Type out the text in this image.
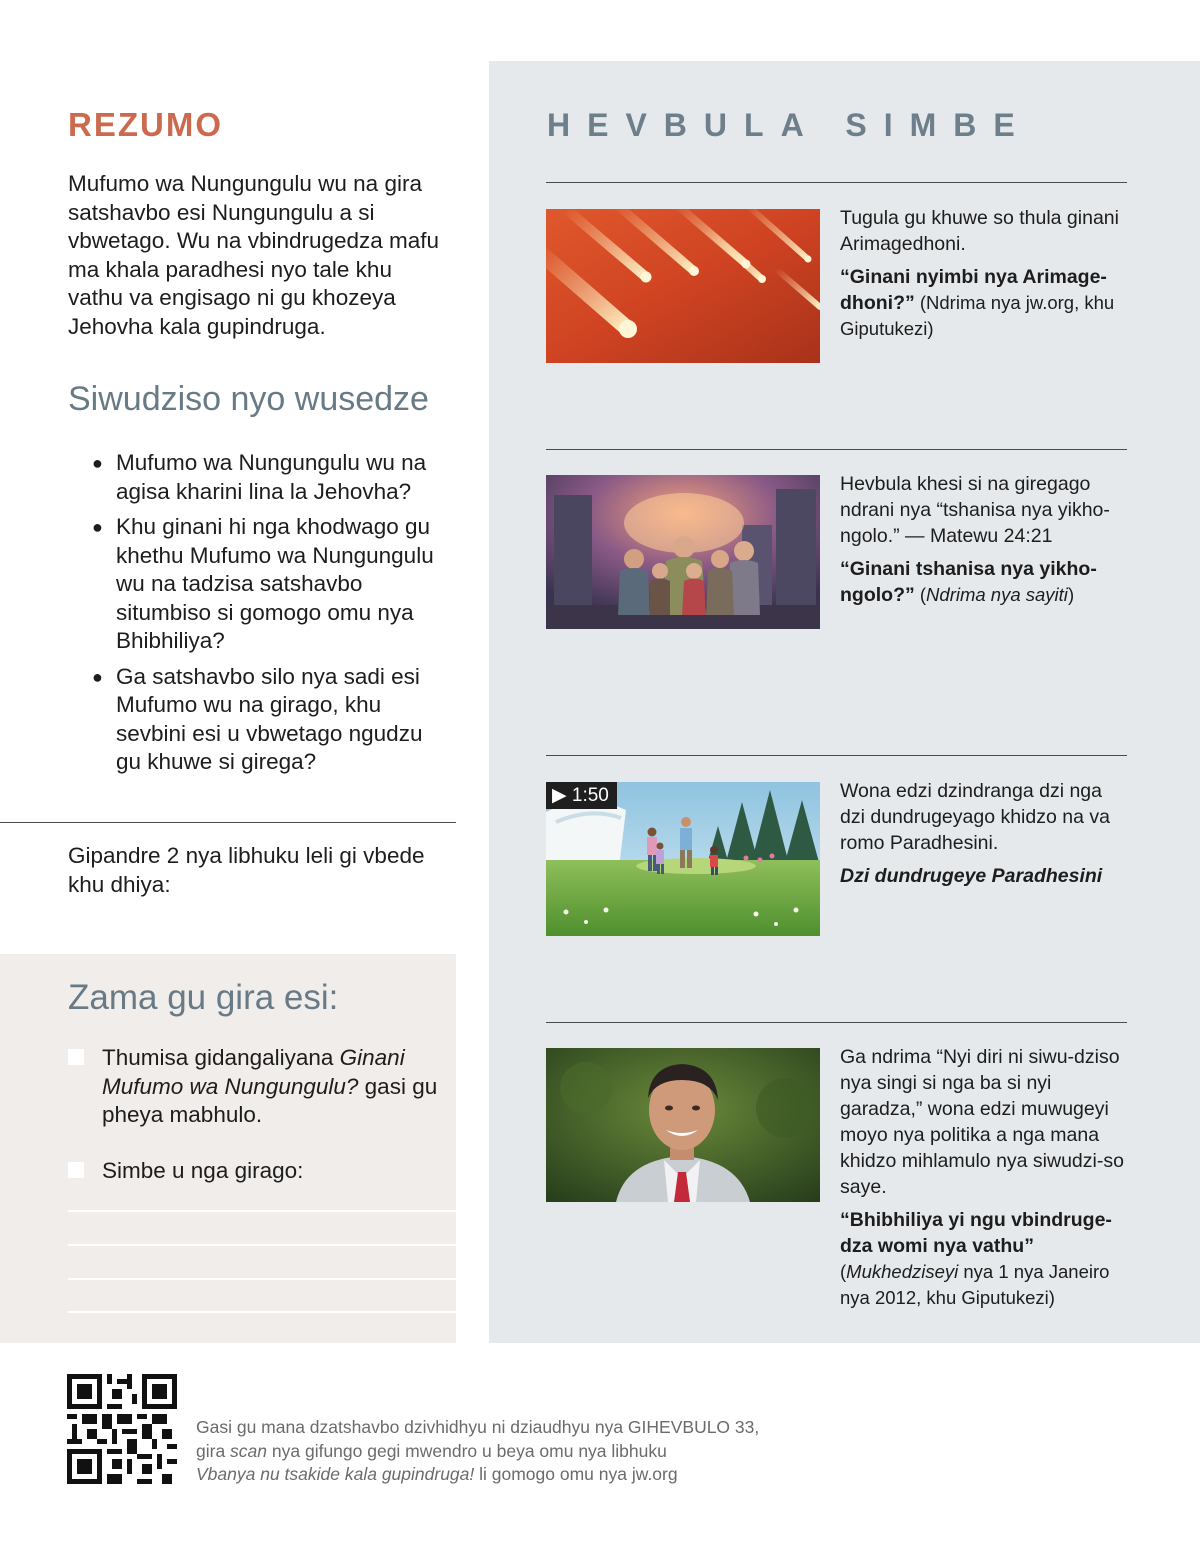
REZUMO

Mufumo wa Nungungulu wu na gira satshavbo esi Nungungulu a si vbwetago. Wu na vbindrugedza mafu ma khala paradhesi nyo tale khu vathu va engisago ni gu khozeya Jehovha kala gupindruga.

Siwudziso nyo wusedze
● Mufumo wa Nungungulu wu na agisa kharini lina la Jehovha?
● Khu ginani hi nga khodwago gu khethu Mufumo wa Nungungulu wu na tadzisa satshavbo situmbiso si gomogo omu nya Bhibhiliya?
● Ga satshavbo silo nya sadi esi Mufumo wu na girago, khu sevbini esi u vbwetago ngudzu gu khuwe si girega?

Gipandre 2 nya libhuku leli gi vbede khu dhiya:

Zama gu gira esi:
Thumisa gidangaliyana Ginani Mufumo wa Nungungulu? gasi gu pheya mabhulo.
Simbe u nga girago:
HEVBULA SIMBE

Tugula gu khuwe so thula ginani Arimagedhoni.

“Ginani nyimbi nya Arimage-dhoni?” (Ndrima nya jw.org, khu Giputukezi)

Hevbula khesi si na giregago ndrani nya “tshanisa nya yikho-ngolo.” — Matewu 24:21

“Ginani tshanisa nya yikho-ngolo?” (Ndrima nya sayiti)

▶ 1:50	Wona edzi dzindranga dzi nga dzi dundrugeyago khidzo na va romo Paradhesini.

Dzi dundrugeye Paradhesini

Ga ndrima “Nyi diri ni siwu-dziso nya singi si nga ba si nyi garadza,” wona edzi muwugeyi moyo nya politika a nga mana khidzo mihlamulo nya siwudzi-so saye.

“Bhibhiliya yi ngu vbindruge-dza womi nya vathu”

(Mukhedziseyi nya 1 nya Janeiro nya 2012, khu Giputukezi)

Gasi gu mana dzatshavbo dzivhidhyu ni dziaudhyu nya GIHEVBULO 33,
gira scan nya gifungo gegi mwendro u beya omu nya libhuku
Vbanya nu tsakide kala gupindruga! li gomogo omu nya jw.org
